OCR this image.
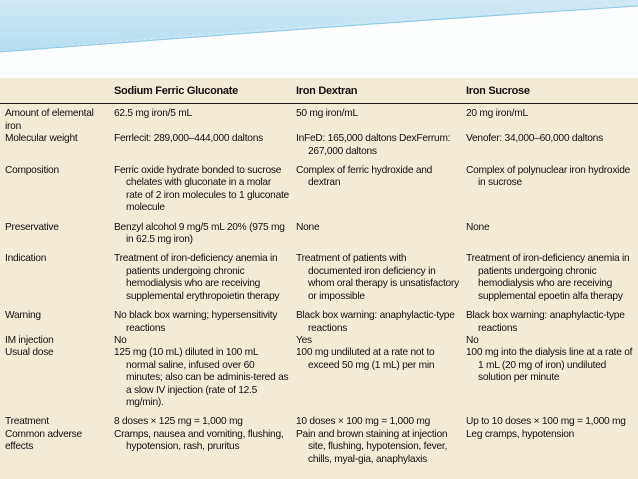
	Sodium Ferric Gluconate	Iron Dextran	Iron Sucrose
Amount of elemental iron	62.5 mg iron/5 mL	50 mg iron/mL	20 mg iron/mL

Molecular weight	Ferrlecit: 289,000–444,000 daltons	InFeD: 165,000 daltons DexFerrum: 267,000 daltons	Venofer: 34,000–60,000 daltons

Composition	Ferric oxide hydrate bonded to sucrose chelates with gluconate in a molar rate of 2 iron molecules to 1 gluconate molecule	Complex of ferric hydroxide and dextran	Complex of polynuclear iron hydroxide in sucrose

Preservative	Benzyl alcohol 9 mg/5 mL 20% (975 mg in 62.5 mg iron)	None	None

Indication	Treatment of iron-deficiency anemia in patients undergoing chronic hemodialysis who are receiving supplemental erythropoietin therapy	Treatment of patients with documented iron deficiency in whom oral therapy is unsatisfactory or impossible	Treatment of iron-deficiency anemia in patients undergoing chronic hemodialysis who are receiving supplemental epoetin alfa therapy

Warning	No black box warning; hypersensitivity reactions	Black box warning: anaphylactic-type reactions	Black box warning: anaphylactic-type reactions

IM injection	No	Yes	No

Usual dose	125 mg (10 mL) diluted in 100 mL normal saline, infused over 60 minutes; also can be adminis-tered as a slow IV injection (rate of 12.5 mg/min).	100 mg undiluted at a rate not to exceed 50 mg (1 mL) per min	100 mg into the dialysis line at a rate of 1 mL (20 mg of iron) undiluted solution per minute

Treatment	8 doses × 125 mg = 1,000 mg	10 doses × 100 mg = 1,000 mg	Up to 10 doses × 100 mg = 1,000 mg

Common adverse effects	Cramps, nausea and vomiting, flushing, hypotension, rash, pruritus	Pain and brown staining at injection site, flushing, hypotension, fever, chills, myal-gia, anaphylaxis	Leg cramps, hypotension
